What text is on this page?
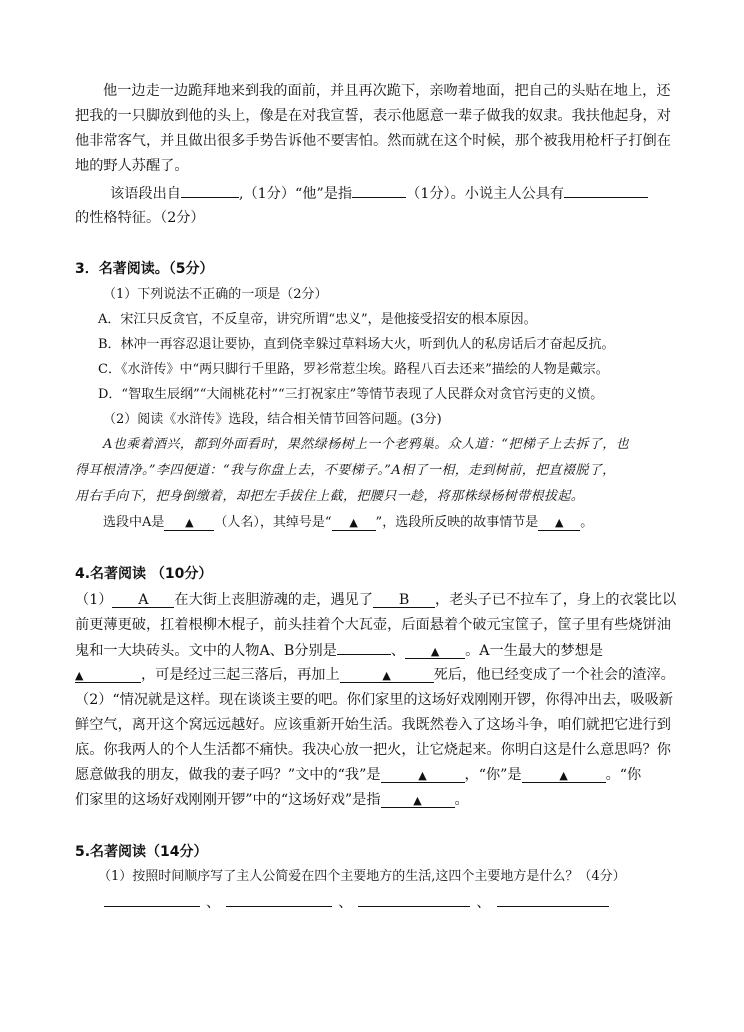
他一边走一边跪拜地来到我的面前，并且再次跪下，亲吻着地面，把自己的头贴在地上，还
把我的一只脚放到他的头上，像是在对我宣誓，表示他愿意一辈子做我的奴隶。我扶他起身，对
他非常客气，并且做出很多手势告诉他不要害怕。然而就在这个时候，那个被我用枪杆子打倒在
地的野人苏醒了。
该语段出自	,（1分）“他”是指	（1分）。小说主人公具有
的性格特征。（2分）
3．名著阅读。（5分）
（1）下列说法不正确的一项是（2分）
A．宋江只反贪官，不反皇帝，讲究所谓“忠义”，是他接受招安的根本原因。
B．林冲一再容忍退让要协，直到侥幸躲过草料场大火，听到仇人的私房话后才奋起反抗。
C．《水浒传》中“两只脚行千里路，罗衫常惹尘埃。路程八百去还来”描绘的人物是戴宗。
D．“智取生辰纲”“大闹桃花村”“三打祝家庄”等情节表现了人民群众对贪官污吏的义愤。
（2）阅读《水浒传》选段，结合相关情节回答问题。(3分)
A也乘着酒兴，都到外面看时，果然绿杨树上一个老鸦巢。众人道：“把梯子上去拆了，也
得耳根清净。”李四便道：“我与你盘上去，不要梯子。”A相了一相，走到树前，把直裰脱了，
用右手向下，把身倒缴着，却把左手拔住上截，把腰只一趁，将那株绿杨树带根拔起。
选段中A是 ▲ （人名），其绰号是“ ▲ ”，选段所反映的故事情节是 ▲ 。
4.名著阅读 （10分）
（1） A 在大街上丧胆游魂的走，遇见了 B ，老头子已不拉车了，身上的衣裳比以
前更薄更破，扛着根柳木棍子，前头挂着个大瓦壶，后面悬着个破元宝筐子，筐子里有些烧饼油
鬼和一大块砖头。文中的人物A、B分别是	、 ▲ 。A一生最大的梦想是
▲	，可是经过三起三落后，再加上	▲	死后，他已经变成了一个社会的渣滓。
（2）“情况就是这样。现在谈谈主要的吧。你们家里的这场好戏刚刚开锣，你得冲出去，吸吸新
鲜空气，离开这个窝远远越好。应该重新开始生活。我既然卷入了这场斗争，咱们就把它进行到
底。你我两人的个人生活都不痛快。我决心放一把火，让它烧起来。你明白这是什么意思吗？你
愿意做我的朋友，做我的妻子吗？”文中的“我”是	▲	，“你”是	▲	。“你
们家里的这场好戏刚刚开锣”中的“这场好戏”是指	▲ 。
5.名著阅读（14分）
（1）按照时间顺序写了主人公简爱在四个主要地方的生活,这四个主要地方是什么？（4分）
、	、	、
